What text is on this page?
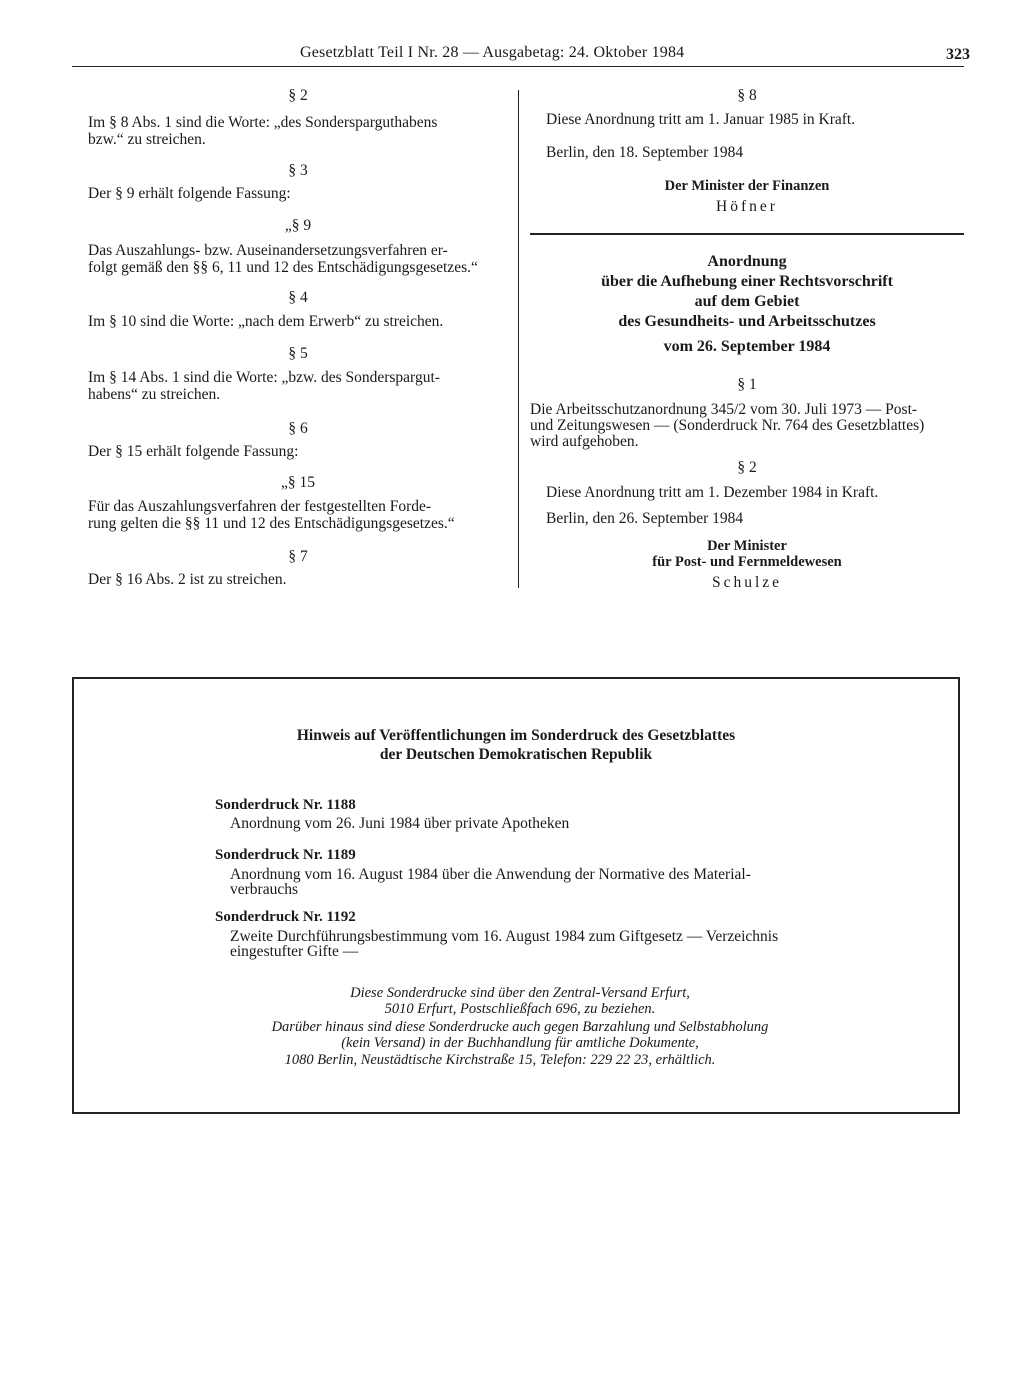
Gesetzblatt Teil I Nr. 28 — Ausgabetag: 24. Oktober 1984	323
§ 2
Im § 8 Abs. 1 sind die Worte: „des Sondersparguthabens
bzw.“ zu streichen.
§ 3
Der § 9 erhält folgende Fassung:
„§ 9
Das Auszahlungs- bzw. Auseinandersetzungsverfahren er-
folgt gemäß den §§ 6, 11 und 12 des Entschädigungsgesetzes.“
§ 4
Im § 10 sind die Worte: „nach dem Erwerb“ zu streichen.
§ 5
Im § 14 Abs. 1 sind die Worte: „bzw. des Sonderspargut-
habens“ zu streichen.
§ 6
Der § 15 erhält folgende Fassung:
„§ 15
Für das Auszahlungsverfahren der festgestellten Forde-
rung gelten die §§ 11 und 12 des Entschädigungsgesetzes.“
§ 7
Der § 16 Abs. 2 ist zu streichen.
§ 8
Diese Anordnung tritt am 1. Januar 1985 in Kraft.
Berlin, den 18. September 1984
Der Minister der Finanzen
Höfner
Anordnung
über die Aufhebung einer Rechtsvorschrift
auf dem Gebiet
des Gesundheits- und Arbeitsschutzes
vom 26. September 1984
§ 1
Die Arbeitsschutzanordnung 345/2 vom 30. Juli 1973 — Post-
und Zeitungswesen — (Sonderdruck Nr. 764 des Gesetzblattes)
wird aufgehoben.
§ 2
Diese Anordnung tritt am 1. Dezember 1984 in Kraft.
Berlin, den 26. September 1984
Der Minister
für Post- und Fernmeldewesen
Schulze
Hinweis auf Veröffentlichungen im Sonderdruck des Gesetzblattes
der Deutschen Demokratischen Republik
Sonderdruck Nr. 1188
Anordnung vom 26. Juni 1984 über private Apotheken
Sonderdruck Nr. 1189
Anordnung vom 16. August 1984 über die Anwendung der Normative des Material-
verbrauchs
Sonderdruck Nr. 1192
Zweite Durchführungsbestimmung vom 16. August 1984 zum Giftgesetz — Verzeichnis
eingestufter Gifte —
Diese Sonderdrucke sind über den Zentral-Versand Erfurt,
5010 Erfurt, Postschließfach 696, zu beziehen.
Darüber hinaus sind diese Sonderdrucke auch gegen Barzahlung und Selbstabholung
(kein Versand) in der Buchhandlung für amtliche Dokumente,
1080 Berlin, Neustädtische Kirchstraße 15, Telefon: 229 22 23, erhältlich.
